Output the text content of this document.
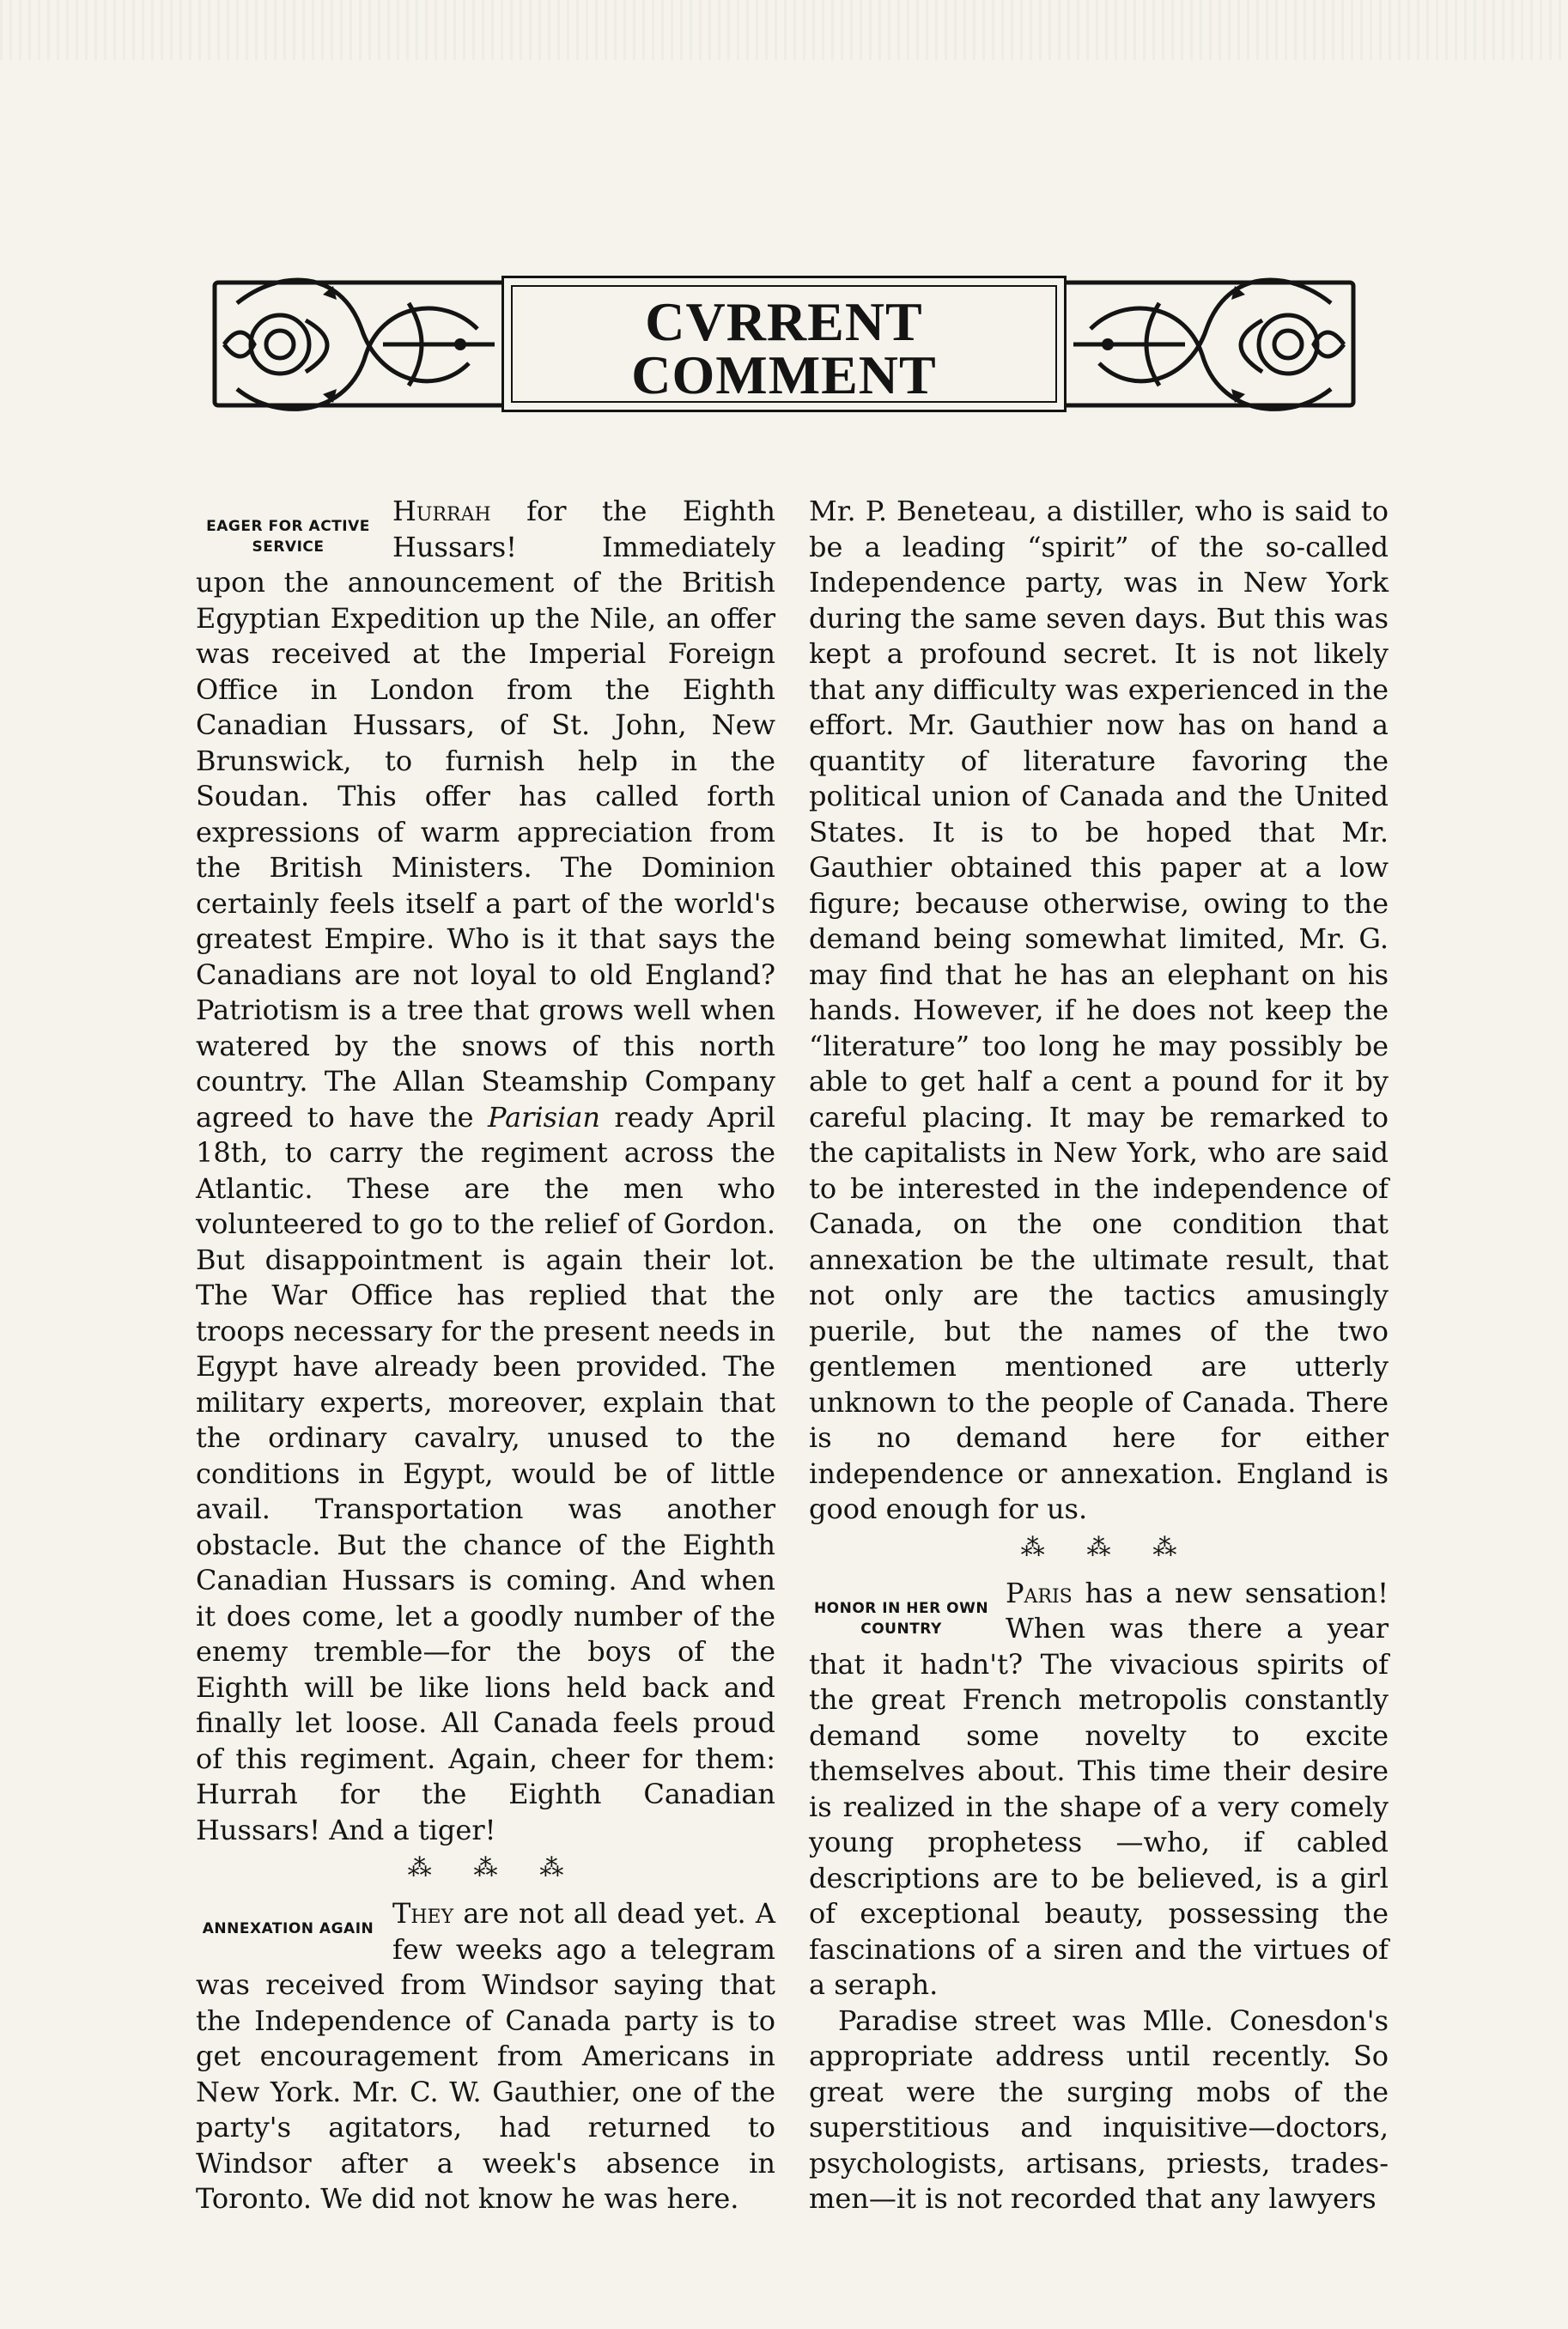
CVRRENT
COMMENT

EAGER FOR ACTIVE SERVICE
Hurrah for the Eighth Hussars! Immediately upon the announcement of the British Egyptian Expedition up the Nile, an offer was received at the Imperial Foreign Office in London from the Eighth Canadian Hussars, of St. John, New Brunswick, to furnish help in the Soudan. This offer has called forth expressions of warm appreciation from the British Ministers. The Dominion certainly feels itself a part of the world's greatest Empire. Who is it that says the Canadians are not loyal to old England? Patriotism is a tree that grows well when watered by the snows of this north country. The Allan Steamship Company agreed to have the Parisian ready April 18th, to carry the regiment across the Atlantic. These are the men who volunteered to go to the relief of Gordon. But disappointment is again their lot. The War Office has replied that the troops necessary for the present needs in Egypt have already been provided. The military experts, moreover, explain that the ordinary cavalry, unused to the conditions in Egypt, would be of little avail. Transportation was another obstacle. But the chance of the Eighth Canadian Hussars is coming. And when it does come, let a goodly number of the enemy tremble—for the boys of the Eighth will be like lions held back and finally let loose. All Canada feels proud of this regiment. Again, cheer for them: Hurrah for the Eighth Canadian Hussars! And a tiger!

⁂ ⁂ ⁂

ANNEXATION AGAIN They are not all dead yet. A few weeks ago a telegram was received from Windsor saying that the Independence of Canada party is to get encouragement from Americans in New York. Mr. C. W. Gauthier, one of the party's agitators, had returned to Windsor after a week's absence in Toronto. We did not know he was here.

Mr. P. Beneteau, a distiller, who is said to be a leading “spirit” of the so-called Independence party, was in New York during the same seven days. But this was kept a profound secret. It is not likely that any difficulty was experienced in the effort. Mr. Gauthier now has on hand a quantity of literature favoring the political union of Canada and the United States. It is to be hoped that Mr. Gauthier obtained this paper at a low figure; because otherwise, owing to the demand being somewhat limited, Mr. G. may find that he has an elephant on his hands. However, if he does not keep the “literature” too long he may possibly be able to get half a cent a pound for it by careful placing. It may be remarked to the capitalists in New York, who are said to be interested in the independence of Canada, on the one condition that annexation be the ultimate result, that not only are the tactics amusingly puerile, but the names of the two gentlemen mentioned are utterly unknown to the people of Canada. There is no demand here for either independence or annexation. England is good enough for us.

⁂ ⁂ ⁂

HONOR IN HER OWN COUNTRY
Paris has a new sensation! When was there a year that it hadn't? The vivacious spirits of the great French metropolis constantly demand some novelty to excite themselves about. This time their desire is realized in the shape of a very comely young prophetess —who, if cabled descriptions are to be believed, is a girl of exceptional beauty, possessing the fascinations of a siren and the virtues of a seraph.

Paradise street was Mlle. Conesdon's appropriate address until recently. So great were the surging mobs of the superstitious and inquisitive—doctors, psychologists, artisans, priests, tradesmen—it is not recorded that any lawyers
